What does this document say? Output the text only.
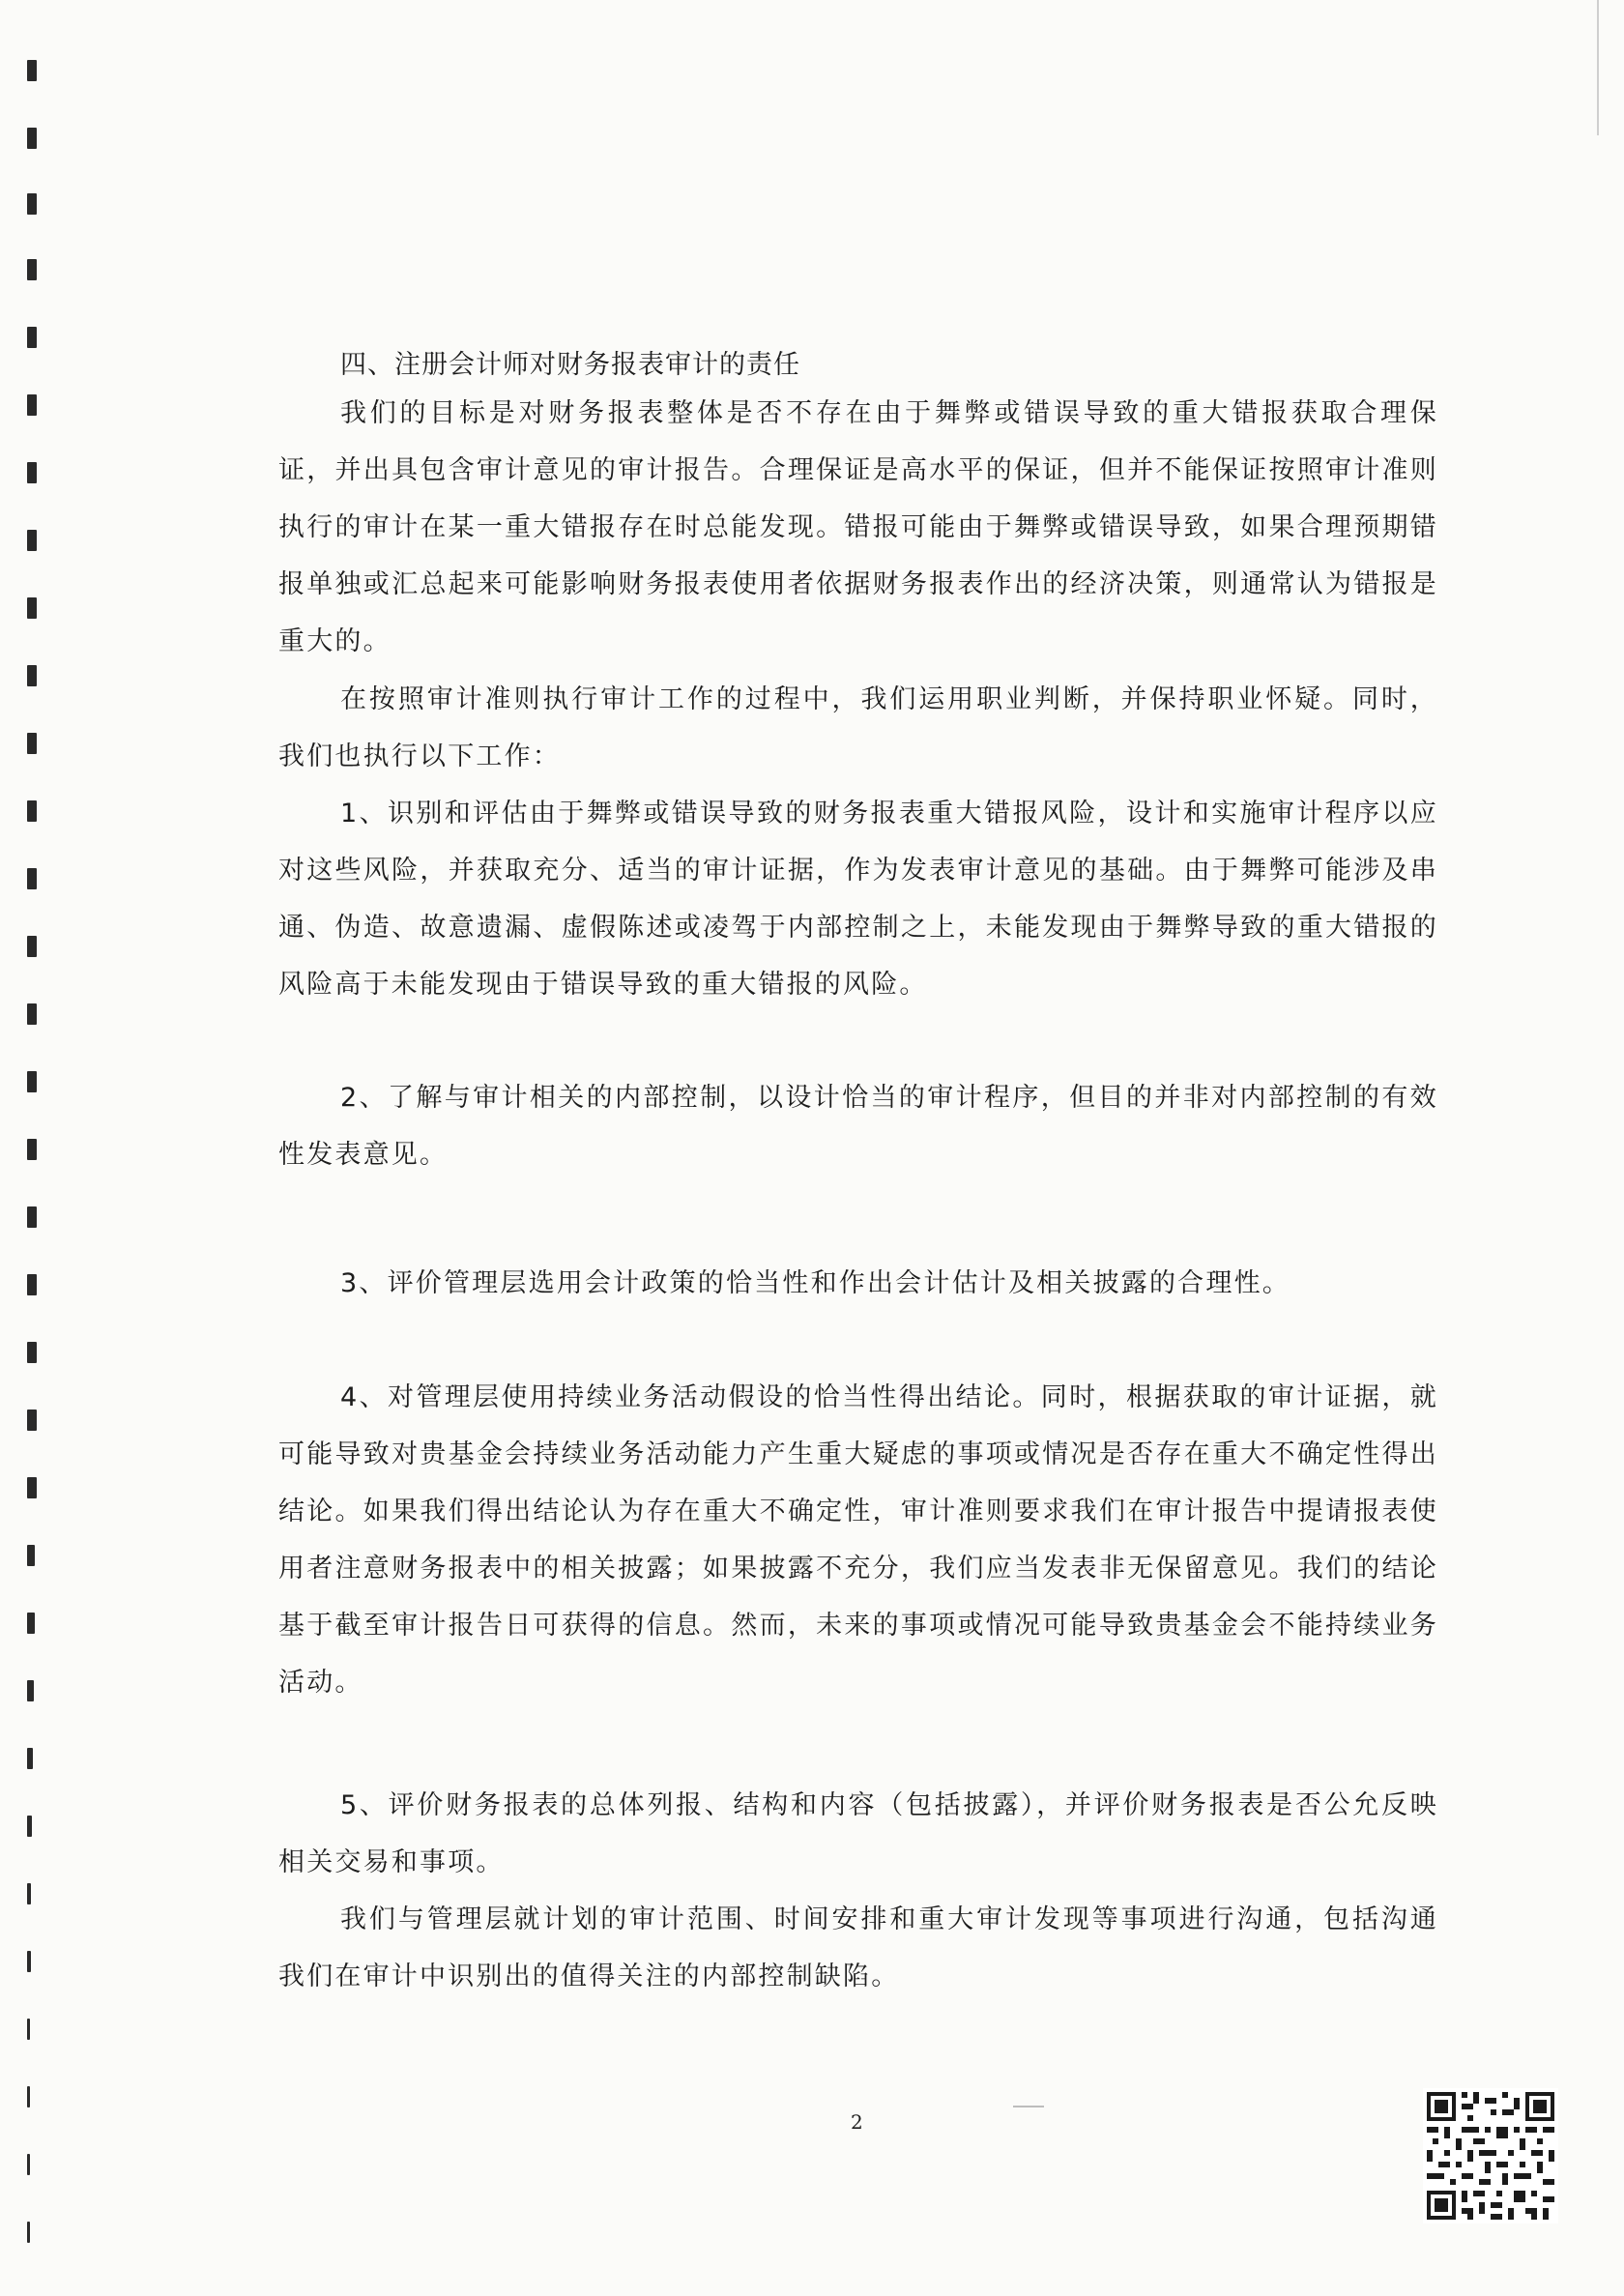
四、注册会计师对财务报表审计的责任

我们的目标是对财务报表整体是否不存在由于舞弊或错误导致的重大错报获取合理保证，并出具包含审计意见的审计报告。合理保证是高水平的保证，但并不能保证按照审计准则执行的审计在某一重大错报存在时总能发现。错报可能由于舞弊或错误导致，如果合理预期错报单独或汇总起来可能影响财务报表使用者依据财务报表作出的经济决策，则通常认为错报是重大的。

在按照审计准则执行审计工作的过程中，我们运用职业判断，并保持职业怀疑。同时，我们也执行以下工作：

1、识别和评估由于舞弊或错误导致的财务报表重大错报风险，设计和实施审计程序以应对这些风险，并获取充分、适当的审计证据，作为发表审计意见的基础。由于舞弊可能涉及串通、伪造、故意遗漏、虚假陈述或凌驾于内部控制之上，未能发现由于舞弊导致的重大错报的风险高于未能发现由于错误导致的重大错报的风险。

2、了解与审计相关的内部控制，以设计恰当的审计程序，但目的并非对内部控制的有效性发表意见。

3、评价管理层选用会计政策的恰当性和作出会计估计及相关披露的合理性。

4、对管理层使用持续业务活动假设的恰当性得出结论。同时，根据获取的审计证据，就可能导致对贵基金会持续业务活动能力产生重大疑虑的事项或情况是否存在重大不确定性得出结论。如果我们得出结论认为存在重大不确定性，审计准则要求我们在审计报告中提请报表使用者注意财务报表中的相关披露；如果披露不充分，我们应当发表非无保留意见。我们的结论基于截至审计报告日可获得的信息。然而，未来的事项或情况可能导致贵基金会不能持续业务活动。

5、评价财务报表的总体列报、结构和内容（包括披露），并评价财务报表是否公允反映相关交易和事项。

我们与管理层就计划的审计范围、时间安排和重大审计发现等事项进行沟通，包括沟通我们在审计中识别出的值得关注的内部控制缺陷。

2
